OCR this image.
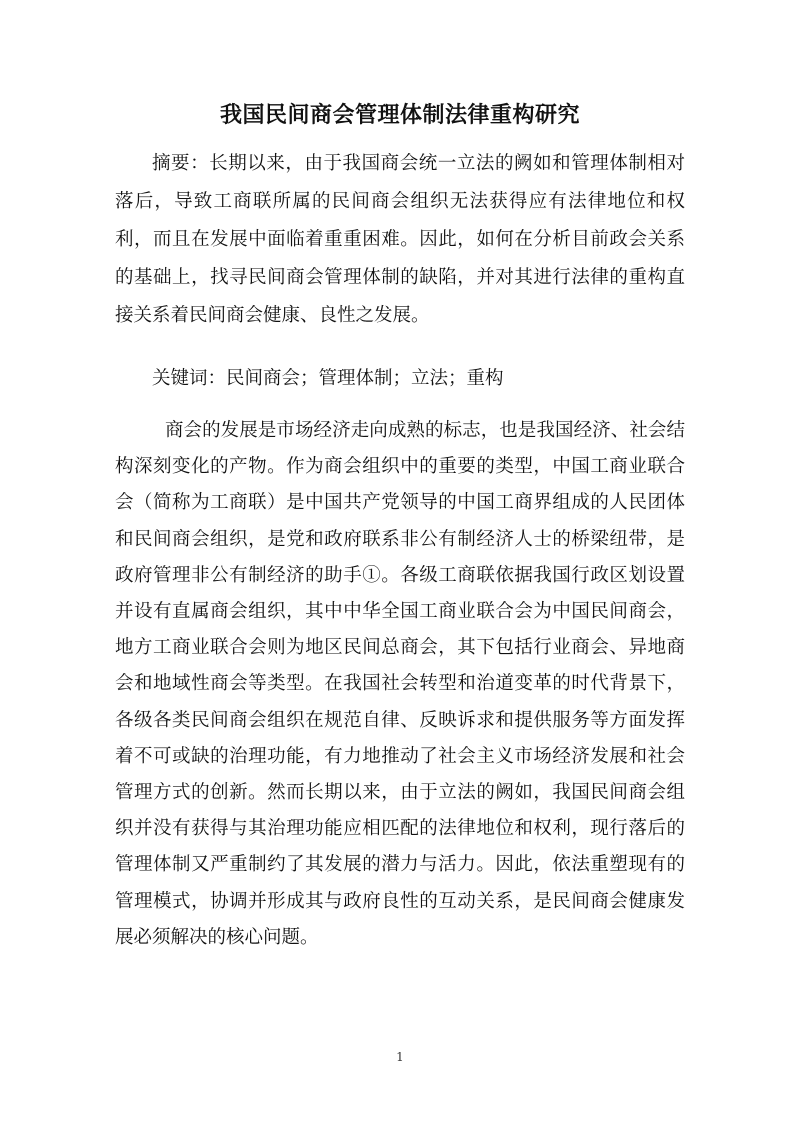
我国民间商会管理体制法律重构研究

摘要：长期以来，由于我国商会统一立法的阙如和管理体制相对落后，导致工商联所属的民间商会组织无法获得应有法律地位和权利，而且在发展中面临着重重困难。因此，如何在分析目前政会关系的基础上，找寻民间商会管理体制的缺陷，并对其进行法律的重构直接关系着民间商会健康、良性之发展。

关键词：民间商会；管理体制；立法；重构

商会的发展是市场经济走向成熟的标志，也是我国经济、社会结构深刻变化的产物。作为商会组织中的重要的类型，中国工商业联合会（简称为工商联）是中国共产党领导的中国工商界组成的人民团体和民间商会组织，是党和政府联系非公有制经济人士的桥梁纽带，是政府管理非公有制经济的助手①。各级工商联依据我国行政区划设置并设有直属商会组织，其中中华全国工商业联合会为中国民间商会，地方工商业联合会则为地区民间总商会，其下包括行业商会、异地商会和地域性商会等类型。在我国社会转型和治道变革的时代背景下，各级各类民间商会组织在规范自律、反映诉求和提供服务等方面发挥着不可或缺的治理功能，有力地推动了社会主义市场经济发展和社会管理方式的创新。然而长期以来，由于立法的阙如，我国民间商会组织并没有获得与其治理功能应相匹配的法律地位和权利，现行落后的管理体制又严重制约了其发展的潜力与活力。因此，依法重塑现有的管理模式，协调并形成其与政府良性的互动关系，是民间商会健康发展必须解决的核心问题。

1
